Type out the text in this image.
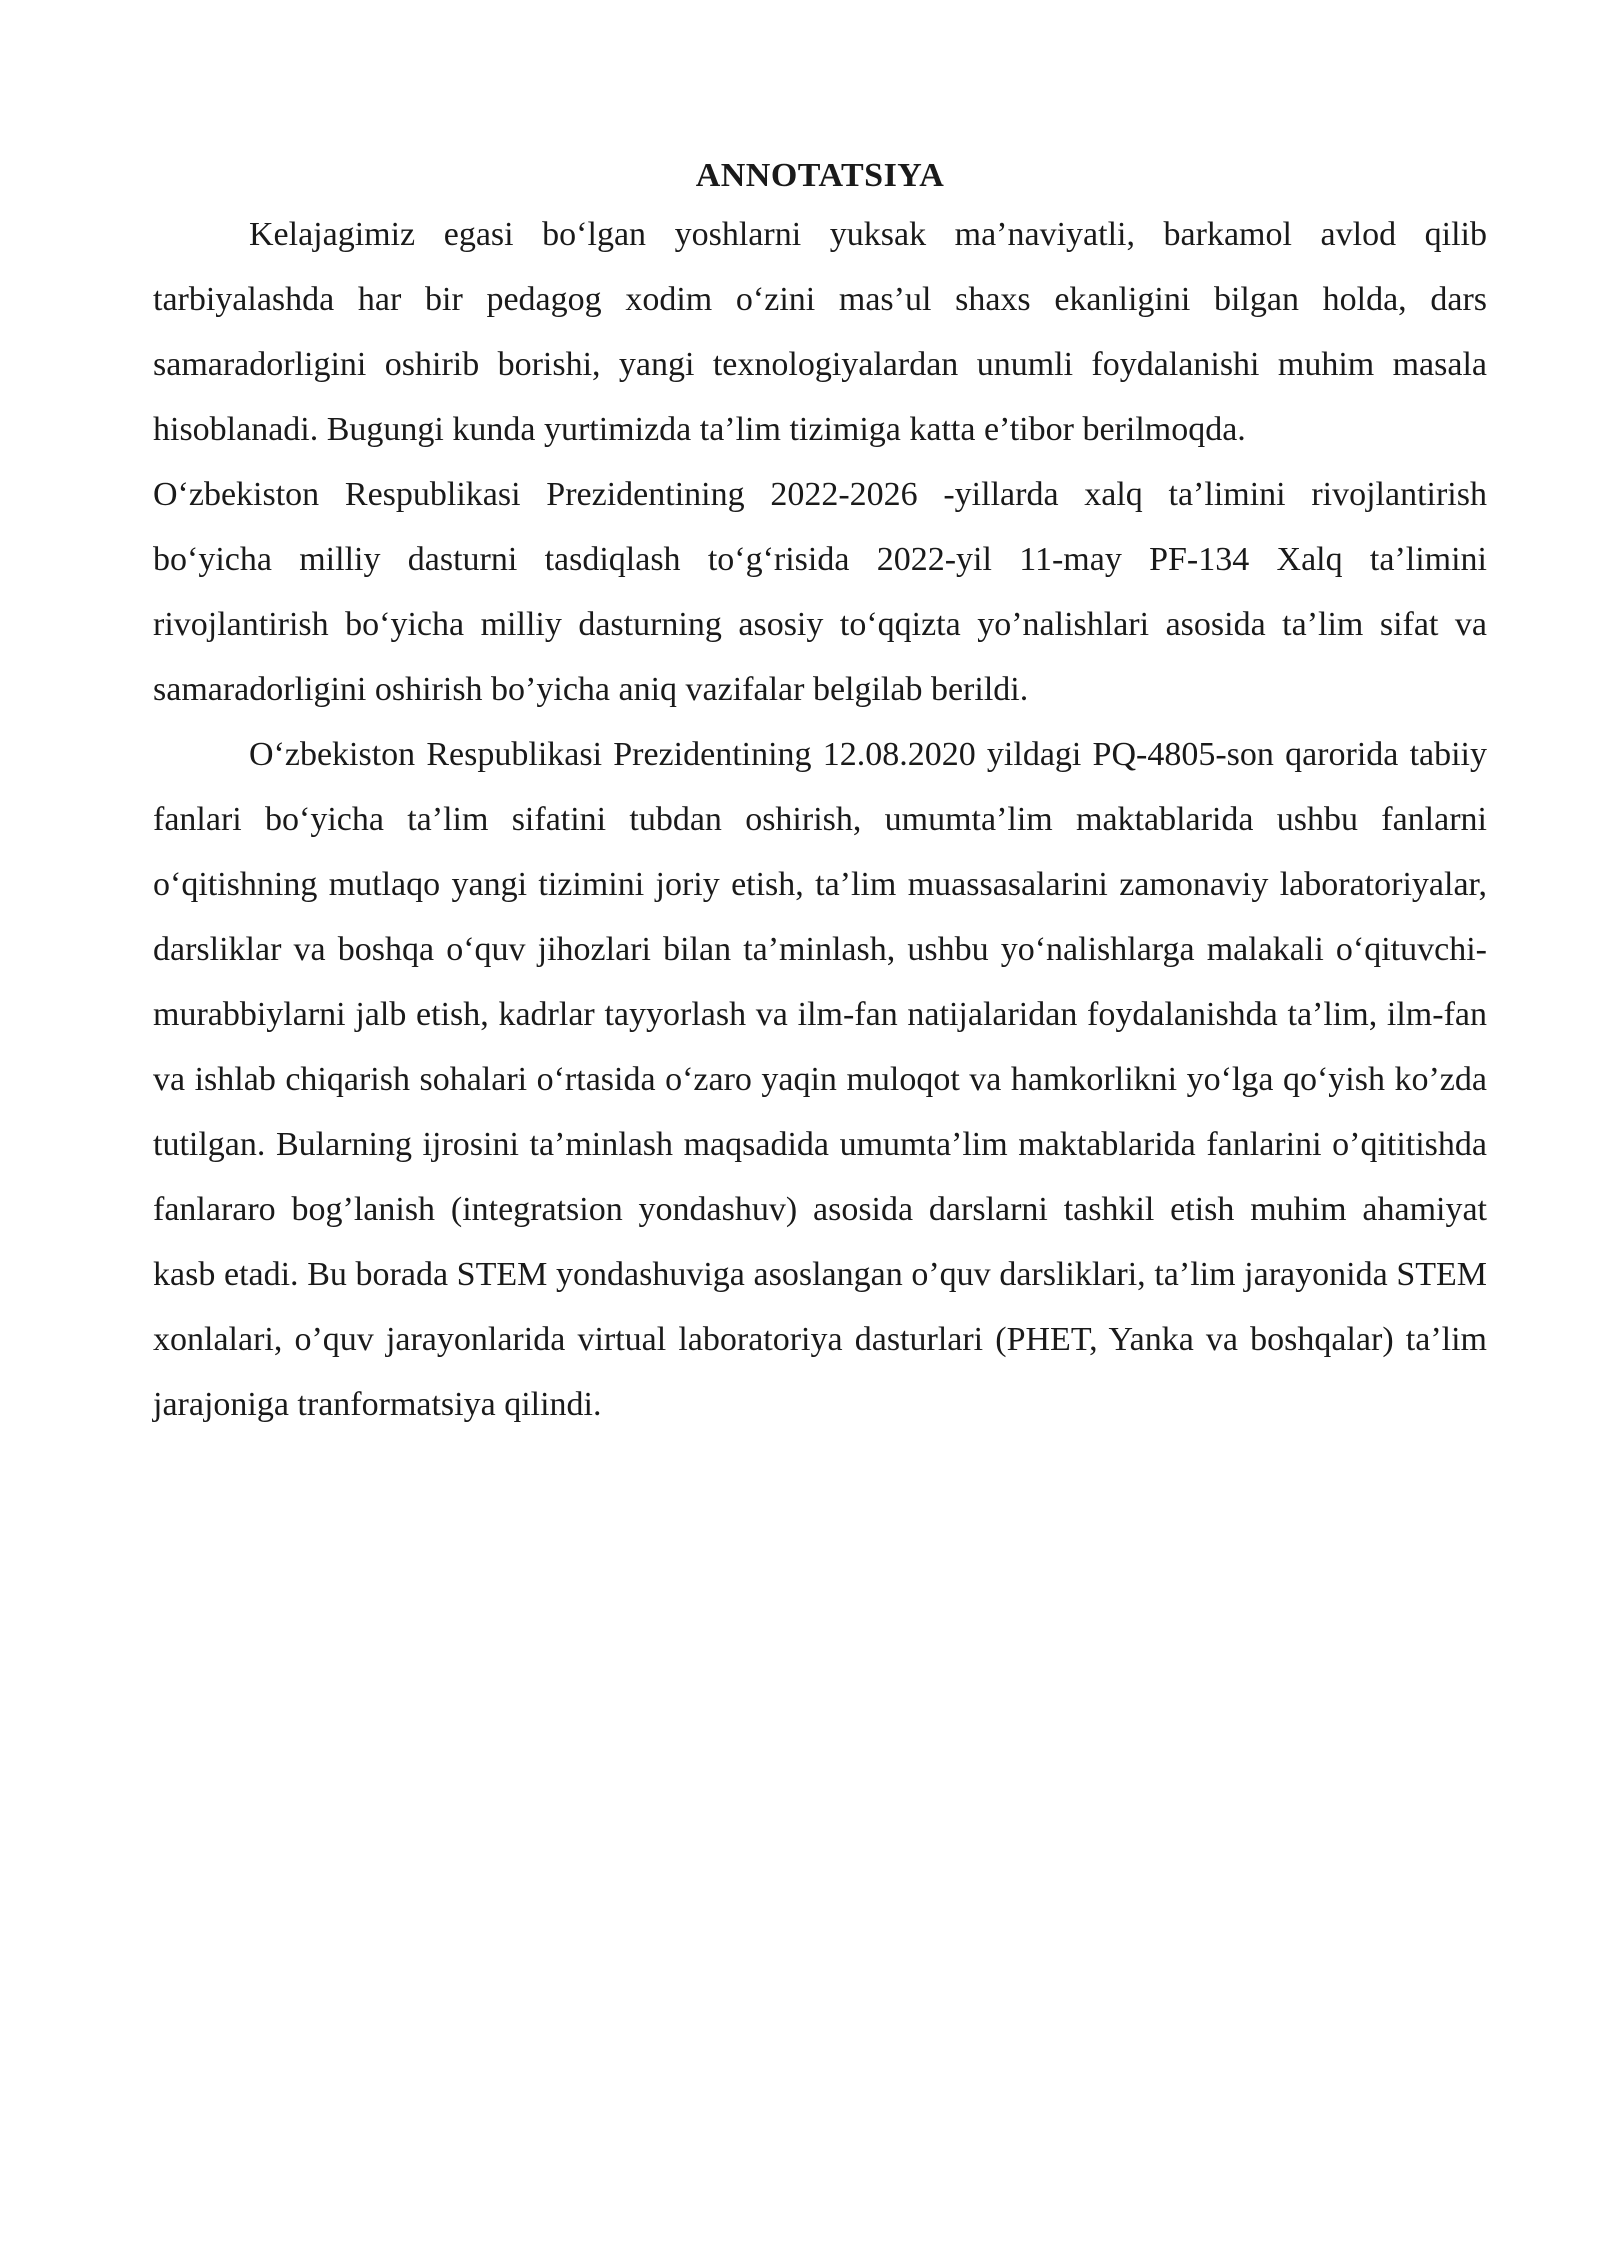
ANNOTATSIYA

Kelajagimiz egasi bo‘lgan yoshlarni yuksak ma’naviyatli, barkamol avlod qilib tarbiyalashda har bir pedagog xodim o‘zini mas’ul shaxs ekanligini bilgan holda, dars samaradorligini oshirib borishi, yangi texnologiyalardan unumli foydalanishi muhim masala hisoblanadi. Bugungi kunda yurtimizda ta’lim tizimiga katta e’tibor berilmoqda.

O‘zbekiston Respublikasi Prezidentining 2022-2026 -yillarda xalq ta’limini rivojlantirish bo‘yicha milliy dasturni tasdiqlash to‘g‘risida 2022-yil 11-may PF-134 Xalq ta’limini rivojlantirish bo‘yicha milliy dasturning asosiy to‘qqizta yo’nalishlari asosida ta’lim sifat va samaradorligini oshirish bo’yicha aniq vazifalar belgilab berildi.

O‘zbekiston Respublikasi Prezidentining 12.08.2020 yildagi PQ-4805-son qarorida tabiiy fanlari bo‘yicha ta’lim sifatini tubdan oshirish, umumta’lim maktablarida ushbu fanlarni o‘qitishning mutlaqo yangi tizimini joriy etish, ta’lim muassasalarini zamonaviy laboratoriyalar, darsliklar va boshqa o‘quv jihozlari bilan ta’minlash, ushbu yo‘nalishlarga malakali o‘qituvchi-murabbiylarni jalb etish, kadrlar tayyorlash va ilm-fan natijalaridan foydalanishda ta’lim, ilm-fan va ishlab chiqarish sohalari o‘rtasida o‘zaro yaqin muloqot va hamkorlikni yo‘lga qo‘yish ko’zda tutilgan. Bularning ijrosini ta’minlash maqsadida umumta’lim maktablarida fanlarini o’qititishda fanlararo bog’lanish (integratsion yondashuv) asosida darslarni tashkil etish muhim ahamiyat kasb etadi. Bu borada STEM yondashuviga asoslangan o’quv darsliklari, ta’lim jarayonida STEM xonlalari, o’quv jarayonlarida virtual laboratoriya dasturlari (PHET, Yanka va boshqalar) ta’lim jarajoniga tranformatsiya qilindi.
